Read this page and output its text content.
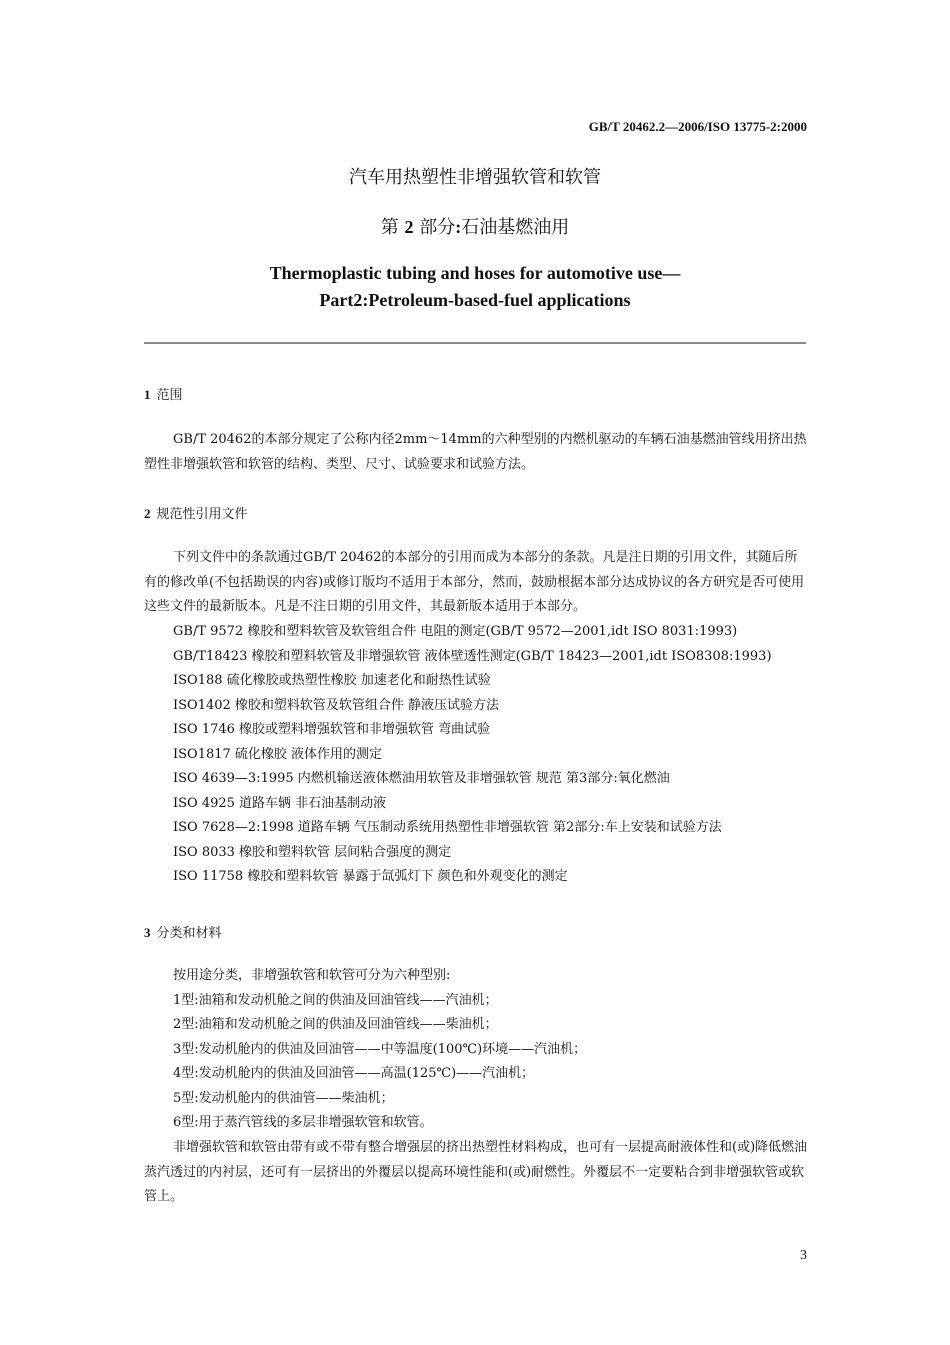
GB/T 20462.2—2006/ISO 13775-2:2000
汽车用热塑性非增强软管和软管
第 2 部分:石油基燃油用
Thermoplastic tubing and hoses for automotive use—
Part2:Petroleum-based-fuel applications
1 范围
GB/T 20462的本部分规定了公称内径2mm～14mm的六种型别的内燃机驱动的车辆石油基燃油管线用挤出热塑性非增强软管和软管的结构、类型、尺寸、试验要求和试验方法。
2 规范性引用文件
下列文件中的条款通过GB/T 20462的本部分的引用而成为本部分的条款。凡是注日期的引用文件，其随后所有的修改单(不包括勘误的内容)或修订版均不适用于本部分，然而，鼓励根据本部分达成协议的各方研究是否可使用这些文件的最新版本。凡是不注日期的引用文件，其最新版本适用于本部分。
GB/T 9572 橡胶和塑料软管及软管组合件 电阻的测定(GB/T 9572—2001,idt ISO 8031:1993)
GB/T18423 橡胶和塑料软管及非增强软管 液体壁透性测定(GB/T 18423—2001,idt ISO8308:1993)
ISO188 硫化橡胶或热塑性橡胶 加速老化和耐热性试验
ISO1402 橡胶和塑料软管及软管组合件 静液压试验方法
ISO 1746 橡胶或塑料增强软管和非增强软管 弯曲试验
ISO1817 硫化橡胶 液体作用的测定
ISO 4639—3:1995 内燃机输送液体燃油用软管及非增强软管 规范 第3部分:氧化燃油
ISO 4925 道路车辆 非石油基制动液
ISO 7628—2:1998 道路车辆 气压制动系统用热塑性非增强软管 第2部分:车上安装和试验方法
ISO 8033 橡胶和塑料软管 层间粘合强度的测定
ISO 11758 橡胶和塑料软管 暴露于氙弧灯下 颜色和外观变化的测定
3 分类和材料
按用途分类，非增强软管和软管可分为六种型别:
1型:油箱和发动机舱之间的供油及回油管线——汽油机；
2型:油箱和发动机舱之间的供油及回油管线——柴油机；
3型:发动机舱内的供油及回油管——中等温度(100℃)环境——汽油机；
4型:发动机舱内的供油及回油管——高温(125℃)——汽油机；
5型:发动机舱内的供油管——柴油机；
6型:用于蒸汽管线的多层非增强软管和软管。
非增强软管和软管由带有或不带有整合增强层的挤出热塑性材料构成，也可有一层提高耐液体性和(或)降低燃油蒸汽透过的内衬层，还可有一层挤出的外覆层以提高环境性能和(或)耐燃性。外覆层不一定要粘合到非增强软管或软管上。
3
